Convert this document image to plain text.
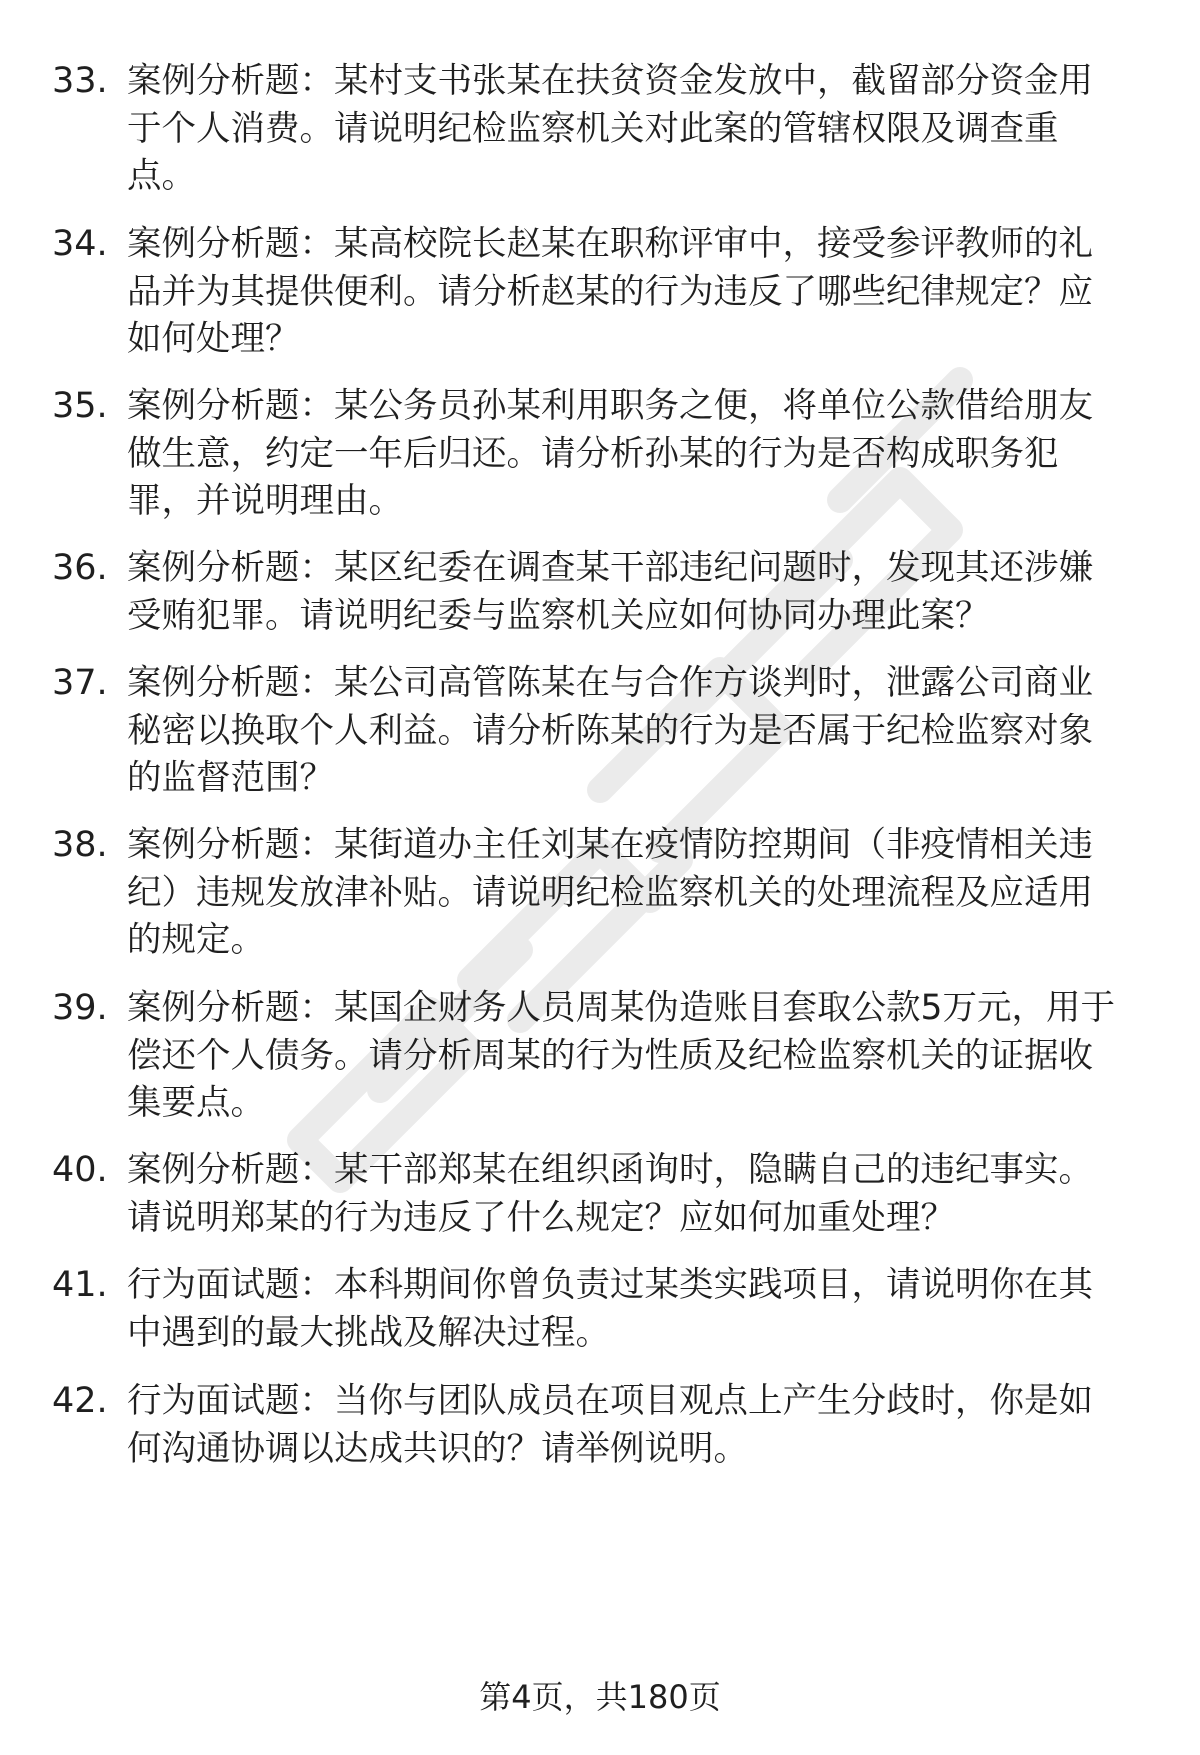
33. 案例分析题：某村支书张某在扶贫资金发放中，截留部分资金用
于个人消费。请说明纪检监察机关对此案的管辖权限及调查重
点。
34. 案例分析题：某高校院长赵某在职称评审中，接受参评教师的礼
品并为其提供便利。请分析赵某的行为违反了哪些纪律规定？应
如何处理？
35. 案例分析题：某公务员孙某利用职务之便，将单位公款借给朋友
做生意，约定一年后归还。请分析孙某的行为是否构成职务犯
罪，并说明理由。
36. 案例分析题：某区纪委在调查某干部违纪问题时，发现其还涉嫌
受贿犯罪。请说明纪委与监察机关应如何协同办理此案？
37. 案例分析题：某公司高管陈某在与合作方谈判时，泄露公司商业
秘密以换取个人利益。请分析陈某的行为是否属于纪检监察对象
的监督范围？
38. 案例分析题：某街道办主任刘某在疫情防控期间（非疫情相关违
纪）违规发放津补贴。请说明纪检监察机关的处理流程及应适用
的规定。
39. 案例分析题：某国企财务人员周某伪造账目套取公款5万元，用于
偿还个人债务。请分析周某的行为性质及纪检监察机关的证据收
集要点。
40. 案例分析题：某干部郑某在组织函询时，隐瞒自己的违纪事实。
请说明郑某的行为违反了什么规定？应如何加重处理？
41. 行为面试题：本科期间你曾负责过某类实践项目，请说明你在其
中遇到的最大挑战及解决过程。
42. 行为面试题：当你与团队成员在项目观点上产生分歧时，你是如
何沟通协调以达成共识的？请举例说明。
第4页，共180页
